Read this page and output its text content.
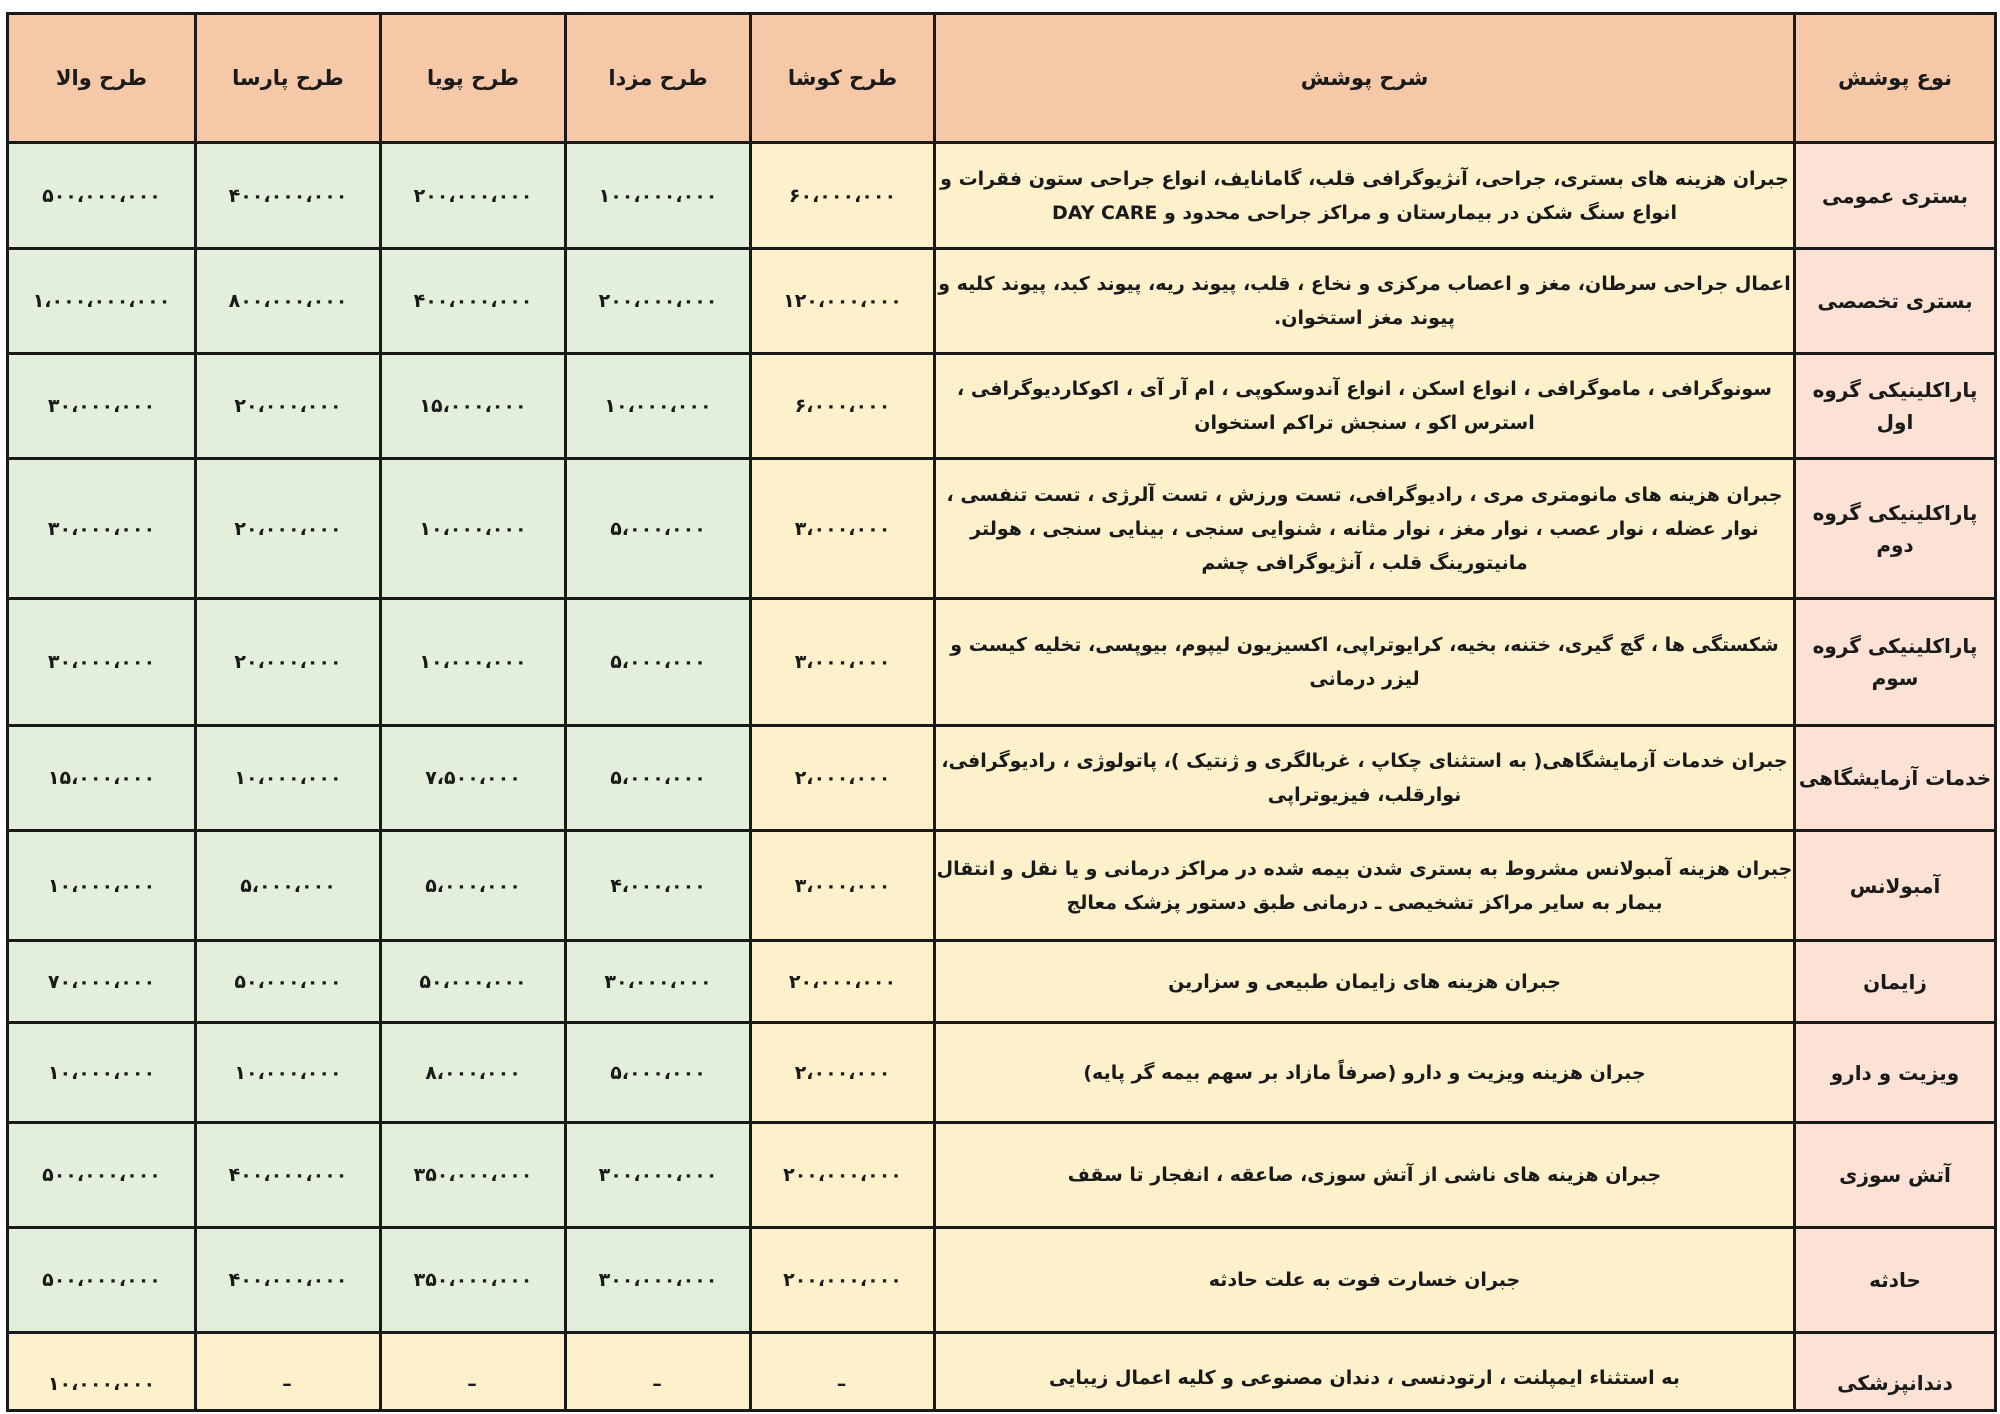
طرح والا	طرح پارسا	طرح پویا	طرح مزدا	طرح کوشا	شرح پوشش	نوع پوشش
۵۰۰،۰۰۰،۰۰۰	۴۰۰،۰۰۰،۰۰۰	۲۰۰،۰۰۰،۰۰۰	۱۰۰،۰۰۰،۰۰۰	۶۰،۰۰۰،۰۰۰	جبران هزینه های بستری، جراحی، آنژیوگرافی قلب، گامانایف، انواع جراحی ستون فقرات و انواع سنگ شکن در بیمارستان و مراکز جراحی محدود و DAY CARE	بستری عمومی
۱،۰۰۰،۰۰۰،۰۰۰	۸۰۰،۰۰۰،۰۰۰	۴۰۰،۰۰۰،۰۰۰	۲۰۰،۰۰۰،۰۰۰	۱۲۰،۰۰۰،۰۰۰	اعمال جراحی سرطان، مغز و اعصاب مرکزی و نخاع ، قلب، پیوند ریه، پیوند کبد، پیوند کلیه و پیوند مغز استخوان.	بستری تخصصی
۳۰،۰۰۰،۰۰۰	۲۰،۰۰۰،۰۰۰	۱۵،۰۰۰،۰۰۰	۱۰،۰۰۰،۰۰۰	۶،۰۰۰،۰۰۰	سونوگرافی ، ماموگرافی ، انواع اسکن ، انواع آندوسکوپی ، ام آر آی ، اکوکاردیوگرافی ، استرس اکو ، سنجش تراکم استخوان	پاراکلینیکی گروه اول
۳۰،۰۰۰،۰۰۰	۲۰،۰۰۰،۰۰۰	۱۰،۰۰۰،۰۰۰	۵،۰۰۰،۰۰۰	۳،۰۰۰،۰۰۰	جبران هزینه های مانومتری مری ، رادیوگرافی، تست ورزش ، تست آلرژی ، تست تنفسی ، نوار عضله ، نوار عصب ، نوار مغز ، نوار مثانه ، شنوایی سنجی ، بینایی سنجی ، هولتر مانیتورینگ قلب ، آنژیوگرافی چشم	پاراکلینیکی گروه دوم
۳۰،۰۰۰،۰۰۰	۲۰،۰۰۰،۰۰۰	۱۰،۰۰۰،۰۰۰	۵،۰۰۰،۰۰۰	۳،۰۰۰،۰۰۰	شکستگی ها ، گچ گیری، ختنه، بخیه، کرایوتراپی، اکسیزیون لیپوم، بیوپسی، تخلیه کیست و لیزر درمانی	پاراکلینیکی گروه سوم
۱۵،۰۰۰،۰۰۰	۱۰،۰۰۰،۰۰۰	۷،۵۰۰،۰۰۰	۵،۰۰۰،۰۰۰	۲،۰۰۰،۰۰۰	جبران خدمات آزمایشگاهی( به استثنای چکاپ ، غربالگری و ژنتیک )، پاتولوژی ، رادیوگرافی، نوارقلب، فیزیوتراپی	خدمات آزمایشگاهی
۱۰،۰۰۰،۰۰۰	۵،۰۰۰،۰۰۰	۵،۰۰۰،۰۰۰	۴،۰۰۰،۰۰۰	۳،۰۰۰،۰۰۰	جبران هزینه آمبولانس مشروط به بستری شدن بیمه شده در مراکز درمانی و یا نقل و انتقال بیمار به سایر مراکز تشخیصی ـ درمانی طبق دستور پزشک معالج	آمبولانس
۷۰،۰۰۰،۰۰۰	۵۰،۰۰۰،۰۰۰	۵۰،۰۰۰،۰۰۰	۳۰،۰۰۰،۰۰۰	۲۰،۰۰۰،۰۰۰	جبران هزینه های زایمان طبیعی و سزارین	زایمان
۱۰،۰۰۰،۰۰۰	۱۰،۰۰۰،۰۰۰	۸،۰۰۰،۰۰۰	۵،۰۰۰،۰۰۰	۲،۰۰۰،۰۰۰	جبران هزینه ویزیت و دارو (صرفاً مازاد بر سهم بیمه گر پایه)	ویزیت و دارو
۵۰۰،۰۰۰،۰۰۰	۴۰۰،۰۰۰،۰۰۰	۳۵۰،۰۰۰،۰۰۰	۳۰۰،۰۰۰،۰۰۰	۲۰۰،۰۰۰،۰۰۰	جبران هزینه های ناشی از آتش سوزی، صاعقه ، انفجار تا سقف	آتش سوزی
۵۰۰،۰۰۰،۰۰۰	۴۰۰،۰۰۰،۰۰۰	۳۵۰،۰۰۰،۰۰۰	۳۰۰،۰۰۰،۰۰۰	۲۰۰،۰۰۰،۰۰۰	جبران خسارت فوت به علت حادثه	حادثه
۱۰،۰۰۰،۰۰۰	–	–	–	–	به استثناء ایمپلنت ، ارتودنسی ، دندان مصنوعی و کلیه اعمال زیبایی	دندانپزشکی
